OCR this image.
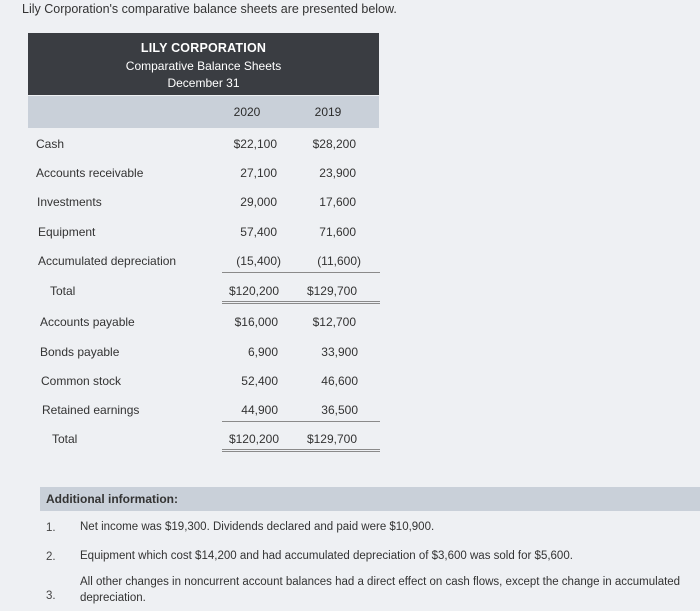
Lily Corporation's comparative balance sheets are presented below.
LILY CORPORATION
Comparative Balance Sheets
December 31
2020	2019
Cash	$22,100	$28,200
Accounts receivable	27,100	23,900
Investments	29,000	17,600
Equipment	57,400	71,600
Accumulated depreciation	(15,400)	(11,600)
Total	$120,200	$129,700
Accounts payable	$16,000	$12,700
Bonds payable	6,900	33,900
Common stock	52,400	46,600
Retained earnings	44,900	36,500
Total	$120,200	$129,700
Additional information:
1. Net income was $19,300. Dividends declared and paid were $10,900.
2. Equipment which cost $14,200 and had accumulated depreciation of $3,600 was sold for $5,600.
3.
All other changes in noncurrent account balances had a direct effect on cash flows, except the change in accumulated
depreciation.
